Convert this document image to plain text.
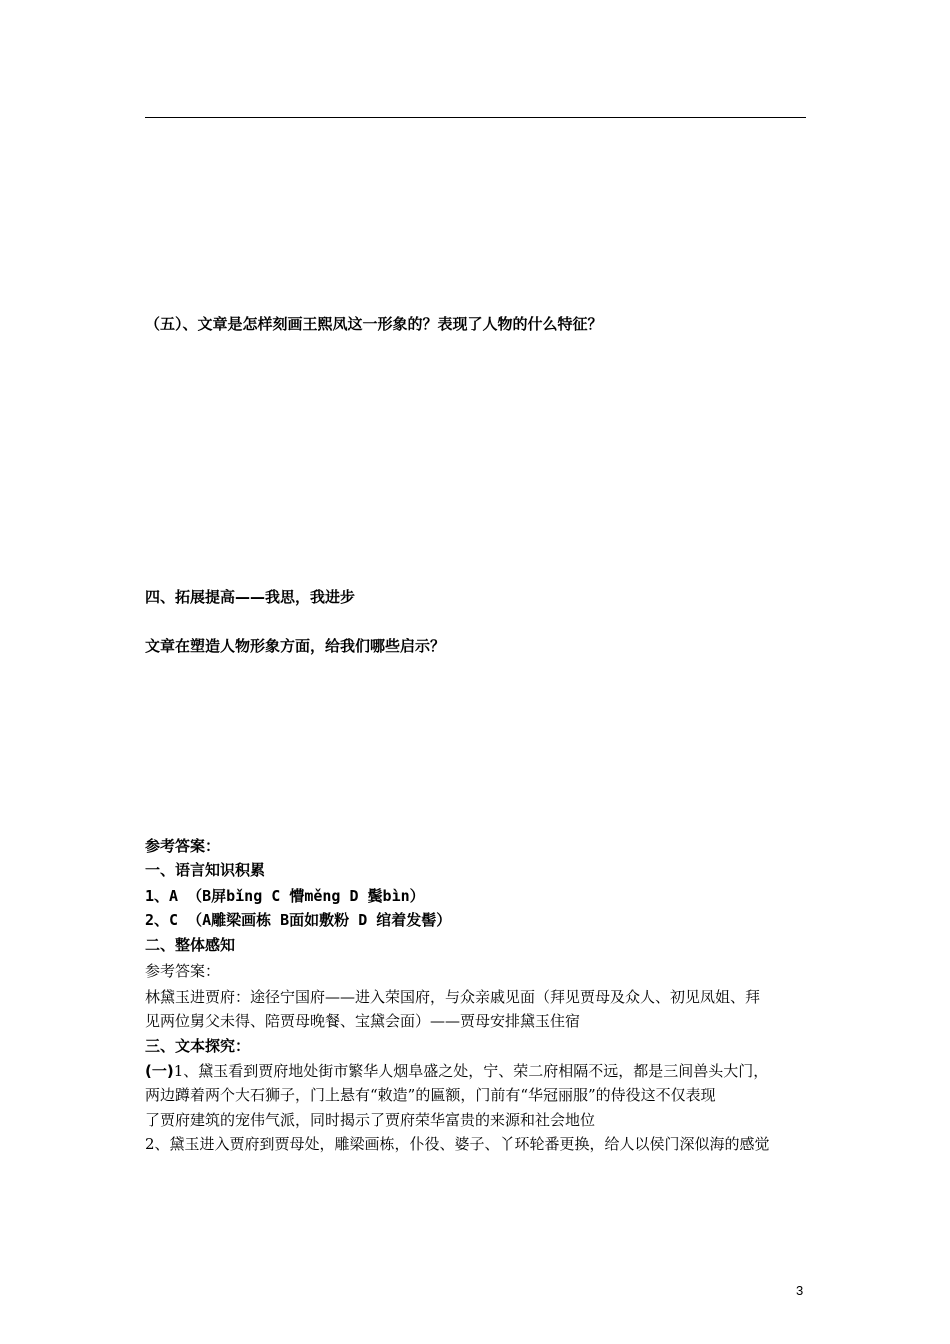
（五）、文章是怎样刻画王熙凤这一形象的？表现了人物的什么特征？
四、拓展提高——我思，我进步
文章在塑造人物形象方面，给我们哪些启示？
参考答案：
一、语言知识积累
1、A （B屏bǐng C 懵měng D 鬓bìn）
2、C （A雕梁画栋 B面如敷粉 D 绾着发髻）
二、整体感知
参考答案：
林黛玉进贾府：途径宁国府——进入荣国府，与众亲戚见面（拜见贾母及众人、初见凤姐、拜
见两位舅父未得、陪贾母晚餐、宝黛会面）——贾母安排黛玉住宿
三、文本探究：
(一)1、黛玉看到贾府地处街市繁华人烟阜盛之处，宁、荣二府相隔不远，都是三间兽头大门，
两边蹲着两个大石狮子，门上悬有“敕造”的匾额，门前有“华冠丽服”的侍役这不仅表现
了贾府建筑的宠伟气派，同时揭示了贾府荣华富贵的来源和社会地位
2、黛玉进入贾府到贾母处，雕梁画栋，仆役、婆子、丫环轮番更换，给人以侯门深似海的感觉
3
